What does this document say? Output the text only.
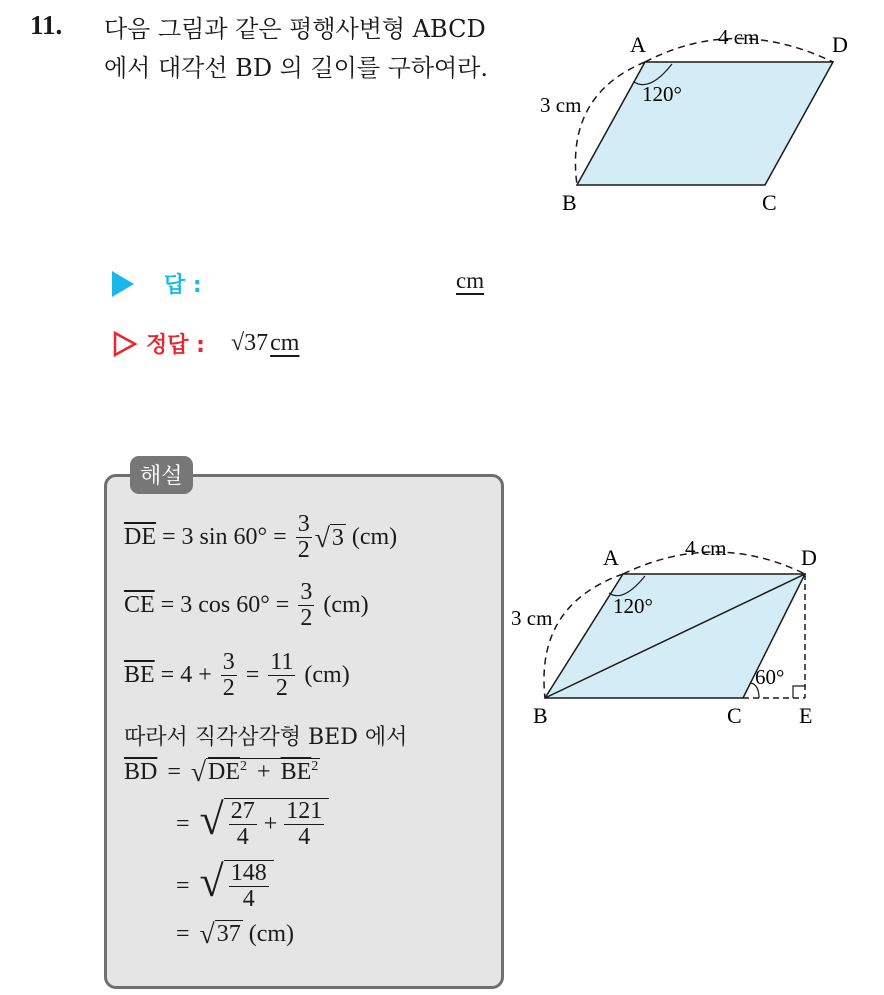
11. 다음 그림과 같은 평행사변형 ABCD 에서 대각선 BD 의 길이를 구하여라.
A
B	C
D
4 cm
3 cm	120°
답 :	cm
정답 : √37 cm
해설
$\overline{DE} = 3$ $\sin 60^\circ = \frac{3}{2}$ √ 3 (cm)
$\overline{CE} = 3$ $\cos 60^\circ = \frac{3}{2} (cm)$
$\overline{BE} = 4 + \frac{3}{2} = \frac{11}{2} (cm)$
따라서 직각삼각형 BED 에서
$\overline{BD}$ = √ $DE^2 + \overline{BE}^2$
= √ $\frac{27}{4} + \frac{121}{4}$
= √ $\frac{148}{4}$
= √ 37 (cm)
A
B	C
D
E
4 cm
3 cm	120°
60°
